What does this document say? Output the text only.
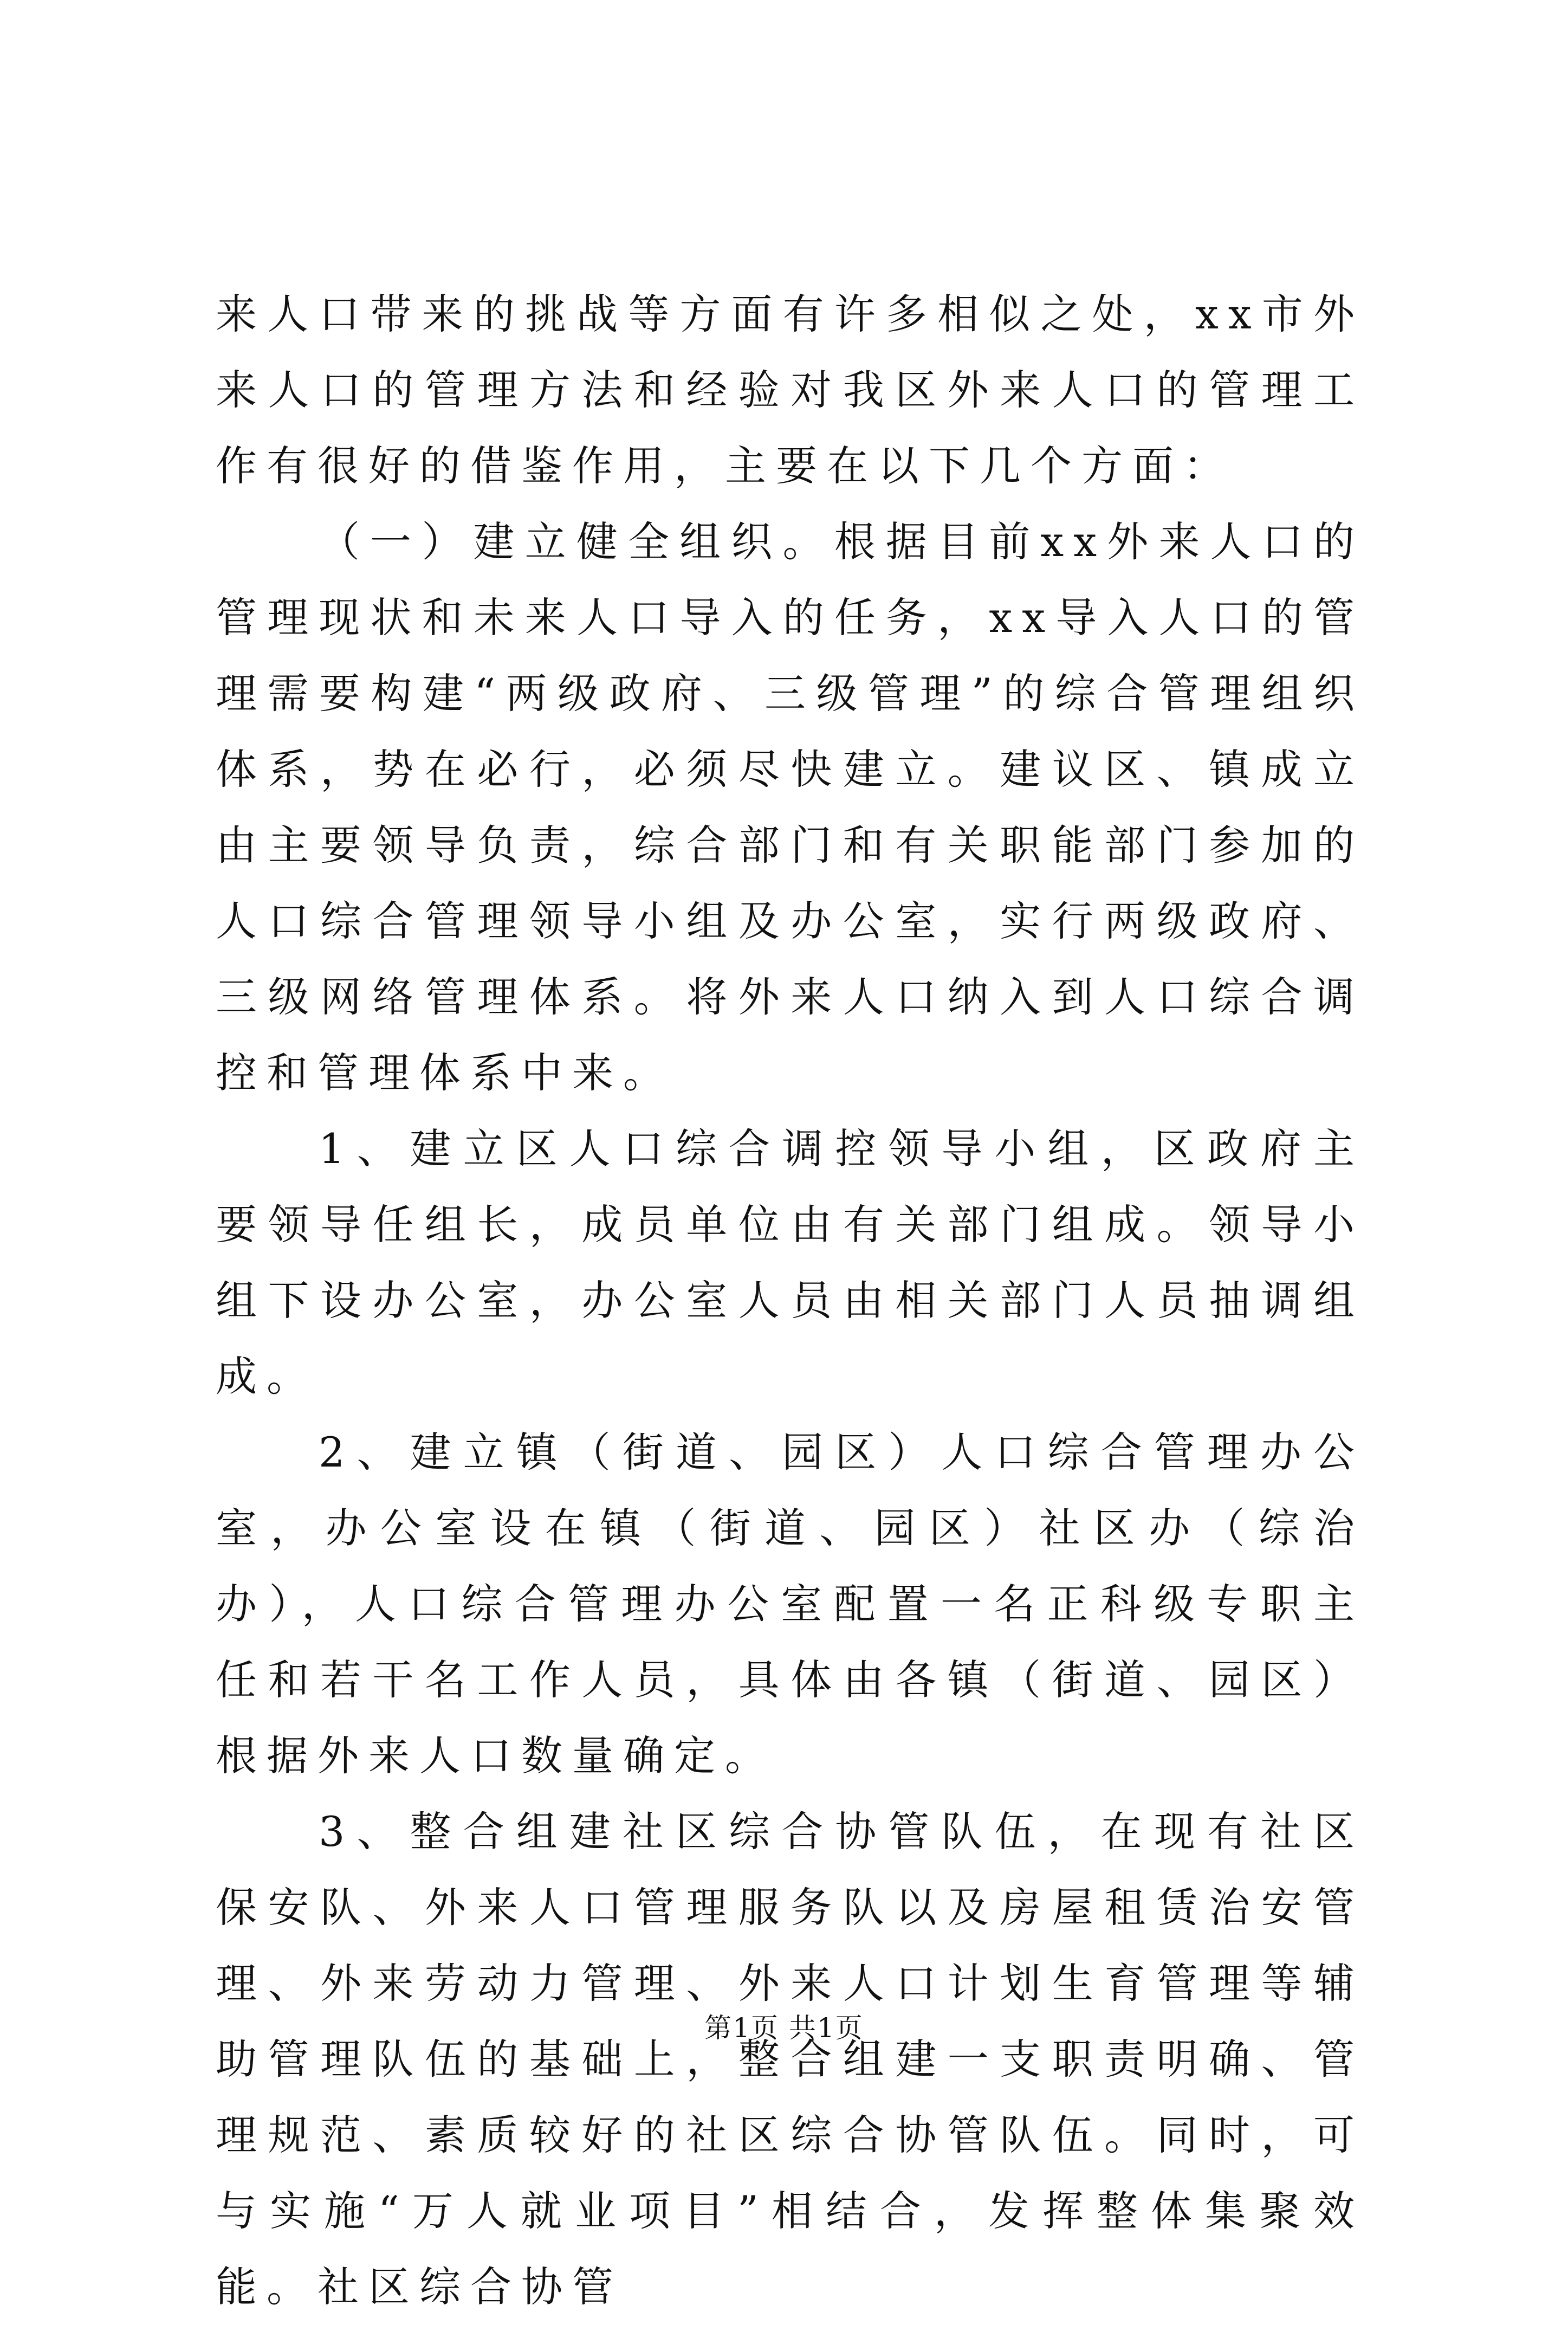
来人口带来的挑战等方面有许多相似之处，xx市外来人口的管理方法和经验对我区外来人口的管理工作有很好的借鉴作用，主要在以下几个方面：

（一）建立健全组织。根据目前xx外来人口的管理现状和未来人口导入的任务，xx导入人口的管理需要构建“两级政府、三级管理”的综合管理组织体系，势在必行，必须尽快建立。建议区、镇成立由主要领导负责，综合部门和有关职能部门参加的人口综合管理领导小组及办公室，实行两级政府、三级网络管理体系。将外来人口纳入到人口综合调控和管理体系中来。

1、建立区人口综合调控领导小组，区政府主要领导任组长，成员单位由有关部门组成。领导小组下设办公室，办公室人员由相关部门人员抽调组成。

2、建立镇（街道、园区）人口综合管理办公室，办公室设在镇（街道、园区）社区办（综治办），人口综合管理办公室配置一名正科级专职主任和若干名工作人员，具体由各镇（街道、园区）根据外来人口数量确定。

3、整合组建社区综合协管队伍，在现有社区保安队、外来人口管理服务队以及房屋租赁治安管理、外来劳动力管理、外来人口计划生育管理等辅助管理队伍的基础上，整合组建一支职责明确、管理规范、素质较好的社区综合协管队伍。同时，可与实施“万人就业项目”相结合，发挥整体集聚效能。社区综合协管

第1页 共1页
